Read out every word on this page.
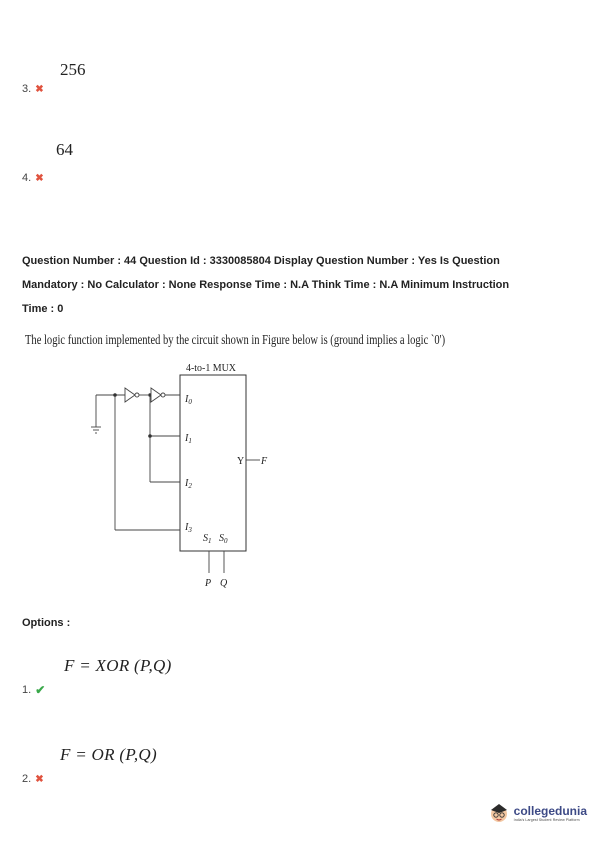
256
3. ✖
64
4. ✖
Question Number : 44 Question Id : 3330085804 Display Question Number : Yes Is Question
Mandatory : No Calculator : None Response Time : N.A Think Time : N.A Minimum Instruction
Time : 0
The logic function implemented by the circuit shown in Figure below is (ground implies a logic `0')
4-to-1 MUX
$I_0$
$I_1$
$I_2$
$I_3$
$S_1$ $S_0$
Y F
P Q
Options :
F = XOR (P,Q)
1. ✔
F = OR (P,Q)
2. ✖
collegedunia
India's Largest Student Review Platform
